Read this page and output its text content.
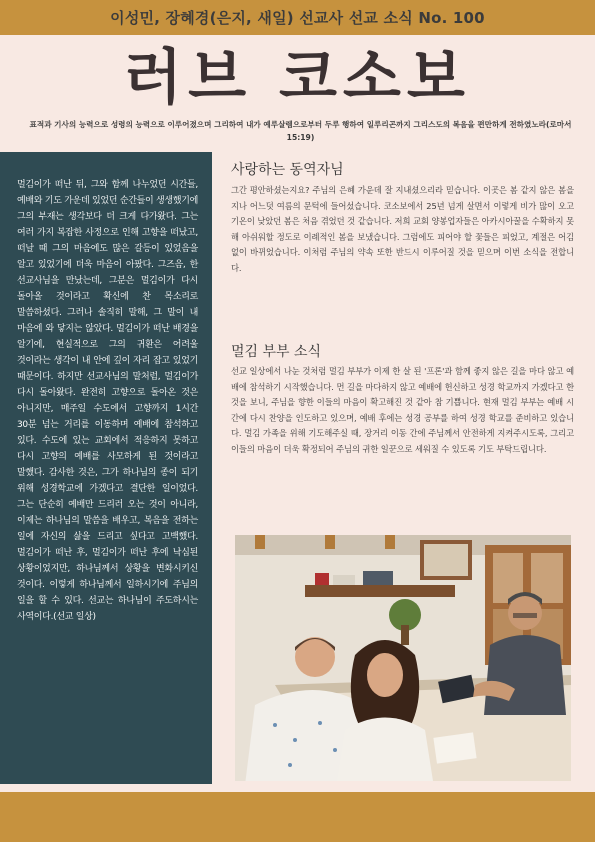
이성민, 장혜경(은지, 새일) 선교사 선교 소식 No. 100
러브 코소보
표적과 기사의 능력으로 성령의 능력으로 이루어졌으며 그리하여 내가 예루살렘으로부터 두루 행하여 일루리곤까지 그리스도의 복음을 편만하게 전하였노라(로마서 15:19)

멀김이가 떠난 뒤, 그와 함께 나누었던 시간들, 예배와 기도 가운데 있었던 순간들이 생생했기에 그의 부재는 생각보다 더 크게 다가왔다. 그는 여러 가지 복잡한 사정으로 인해 고향을 떠났고, 떠날 때 그의 마음에도 많은 갈등이 있었음을 알고 있었기에 더욱 마음이 아팠다. 그즈음, 한 선교사님을 만났는데, 그분은 멀김이가 다시 돌아올 것이라고 확신에 찬 목소리로 말씀하셨다. 그러나 솔직히 말해, 그 말이 내 마음에 와 닿지는 않았다. 멀김이가 떠난 배경을 알기에, 현실적으로 그의 귀환은 어려울 것이라는 생각이 내 안에 깊이 자리 잡고 있었기 때문이다. 하지만 선교사님의 말처럼, 멀김이가 다시 돌아왔다. 완전히 고향으로 돌아온 것은 아니지만, 매주일 수도에서 고향까지 1시간 30분 넘는 거리를 이동하며 예배에 참석하고 있다. 수도에 있는 교회에서 적응하지 못하고 다시 고향의 예배를 사모하게 된 것이라고 말했다. 감사한 것은, 그가 하나님의 종이 되기 위해 성경학교에 가겠다고 결단한 일이었다. 그는 단순히 예배만 드리러 오는 것이 아니라, 이제는 하나님의 말씀을 배우고, 복음을 전하는 일에 자신의 삶을 드리고 싶다고 고백했다. 멀김이가 떠난 후, 멀김이가 떠난 후에 낙심된 상황이었지만, 하나님께서 상황을 변화시키신 것이다. 이렇게 하나님께서 일하시기에 주님의 일을 할 수 있다. 선교는 하나님이 주도하시는 사역이다.(선교 일상)

사랑하는 동역자님
그간 평안하셨는지요? 주님의 은혜 가운데 잘 지내셨으리라 믿습니다. 이곳은 봄 같지 않은 봄을 지나 어느덧 여름의 문턱에 들어섰습니다. 코소보에서 25년 넘게 살면서 이렇게 비가 많이 오고 기온이 낮았던 봄은 처음 겪었던 것 같습니다. 저희 교회 양봉업자들은 아카시아꿀을 수확하지 못해 아쉬워할 정도로 이례적인 봄을 보냈습니다. 그럼에도 피어야 할 꽃들은 피었고, 계절은 어김없이 바뀌었습니다. 이처럼 주님의 약속 또한 반드시 이루어질 것을 믿으며 이번 소식을 전합니다.
멀김 부부 소식
선교 일상에서 나눈 것처럼 멀김 부부가 이제 한 살 된 '프론'과 함께 좋지 않은 길을 마다 않고 예배에 참석하기 시작했습니다. 먼 길을 마다하지 않고 예배에 헌신하고 성경 학교까지 가겠다고 한 것을 보니, 주님을 향한 이들의 마음이 확고해진 것 같아 참 기쁩니다. 현재 멀김 부부는 예배 시간에 다시 찬양을 인도하고 있으며, 예배 후에는 성경 공부를 하여 성경 학교를 준비하고 있습니다. 멀김 가족을 위해 기도해주실 때, 장거리 이동 간에 주님께서 안전하게 지켜주시도록, 그리고 이들의 마음이 더욱 확정되어 주님의 귀한 일꾼으로 세워질 수 있도록 기도 부탁드립니다.
